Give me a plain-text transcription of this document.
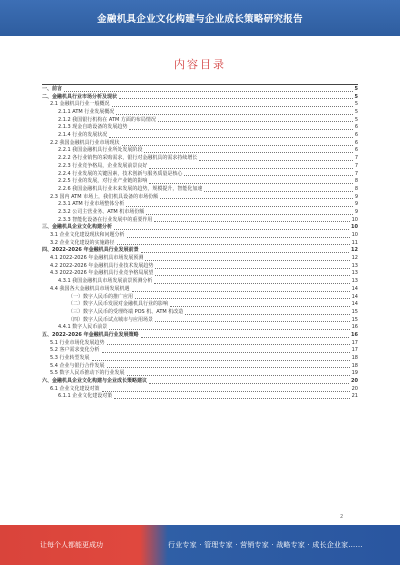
金融机具企业文化构建与企业成长策略研究报告
内容目录
一、前言	5
二、金融机具行业市场分析及现状	5
2.1 金融机具行业一般概况	5
2.1.1 ATM 行业发展概况	5
2.1.2 我国银行机构在 ATM 方面的布局情况	5
2.1.3 现金自助设备的发展趋势	6
2.1.4 行业的发展状况	6
2.2 我国金融机具行业市场现状	6
2.2.1 我国金融机具行业所处发展阶段	6
2.2.2 各行业销售的采购需求，银行对金融机具的需求持续增长	7
2.2.3 行业竞争格局，企业发展前景良好	7
2.2.4 行业发展的关键因素，技术创新与服务质量是核心	7
2.2.5 行业的发展，对行业产业链的影响	8
2.2.6 我国金融机具行业未来发展的趋势，规模提升，智能化加速	8
2.3 国内 ATM 市场上，我们机具设备的市场份额	9
2.3.1 ATM 行业市场整体分析	9
2.3.2 公司主营业务、ATM 机市场份额	9
2.3.3 智能化设备在行业发展中的重要作用	10
三、金融机具企业文化构建分析	10
3.1 企业文化建设现状和问题分析	10
3.2 企业文化建设的实施路径	11
四、2022-2026 年金融机具行业发展前景	12
4.1 2022-2026 年金融机具市场发展预测	12
4.2 2022-2026 年金融机具行业技术发展趋势	13
4.3 2022-2026 年金融机具行业竞争格局展望	13
4.3.1 我国金融机具市场发展前景预测分析	13
4.4 我国各大金融机具市场发展机遇	14
（一）数字人民币的推广应用	14
（二）数字人民币发展对金融机具行业的影响	14
（三）数字人民币的受理终端 POS 机、ATM 机改造	15
（四）数字人民币试点城市与应用场景	15
4.4.1 数字人民币前景	16
五、2022-2026 年金融机具行业发展策略	16
5.1 行业市场化发展趋势	17
5.2 客户需求变化分析	17
5.3 行业转型发展	18
5.4 企业与银行合作发展	18
5.5 数字人民币推动下的行业发展	19
六、金融机具企业文化构建与企业成长策略建议	20
6.1 企业文化建设对策	20
6.1.1 企业文化建设对策	21
2
让每个人都能更成功	行业专家 · 管理专家 · 营销专家 · 战略专家 · 成长企业家……
